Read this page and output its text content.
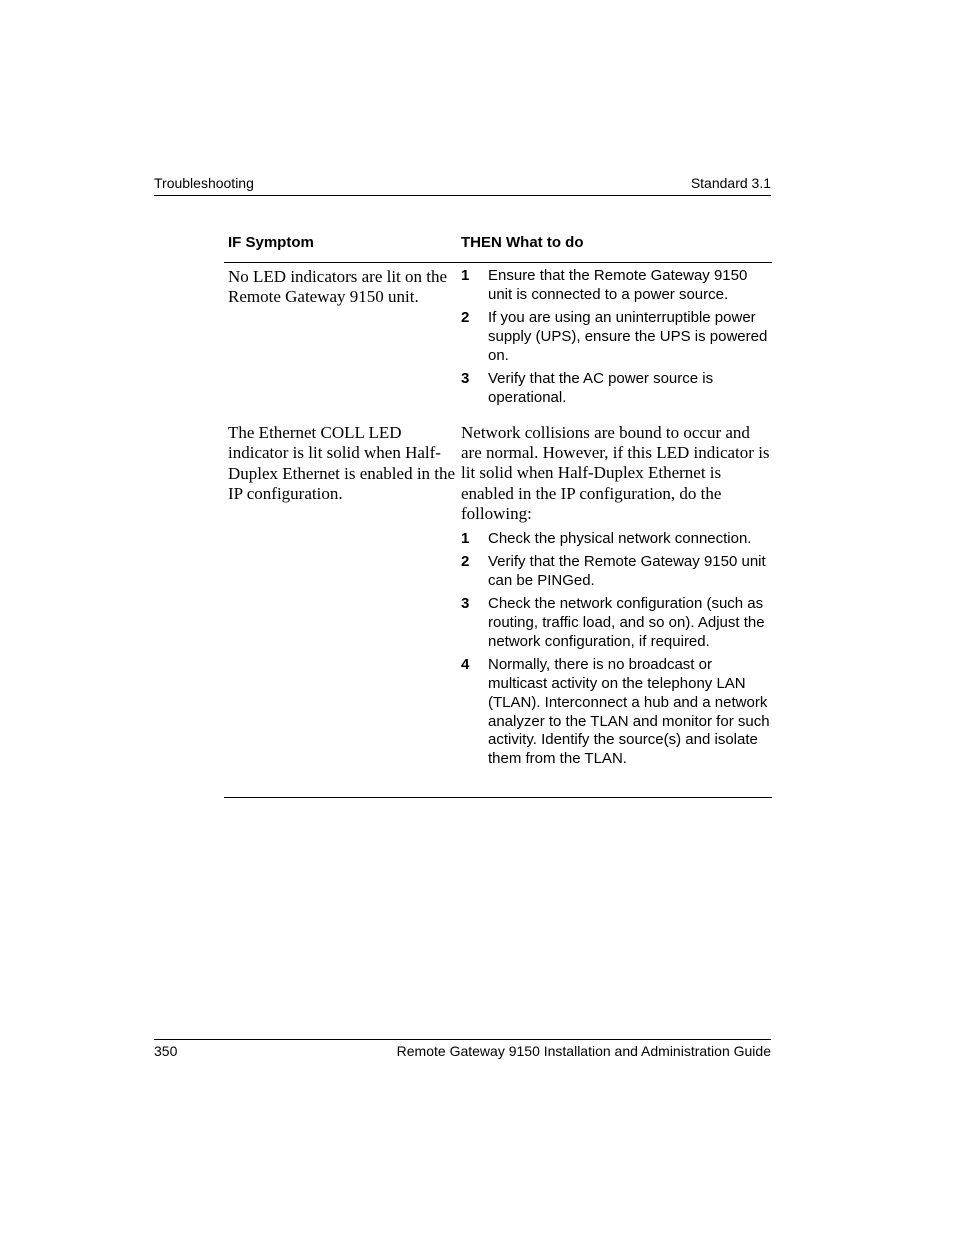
Troubleshooting	Standard 3.1
IF Symptom	THEN What to do
No LED indicators are lit on the Remote Gateway 9150 unit.
1	Ensure that the Remote Gateway 9150 unit is connected to a power source.
2	If you are using an uninterruptible power supply (UPS), ensure the UPS is powered on.
3	Verify that the AC power source is operational.
The Ethernet COLL LED indicator is lit solid when Half-Duplex Ethernet is enabled in the IP configuration.

Network collisions are bound to occur and are normal. However, if this LED indicator is lit solid when Half-Duplex Ethernet is enabled in the IP configuration, do the following:

1	Check the physical network connection.
2	Verify that the Remote Gateway 9150 unit can be PINGed.
3	Check the network configuration (such as routing, traffic load, and so on). Adjust the network configuration, if required.
4	Normally, there is no broadcast or multicast activity on the telephony LAN (TLAN). Interconnect a hub and a network analyzer to the TLAN and monitor for such activity. Identify the source(s) and isolate them from the TLAN.
350	Remote Gateway 9150 Installation and Administration Guide
